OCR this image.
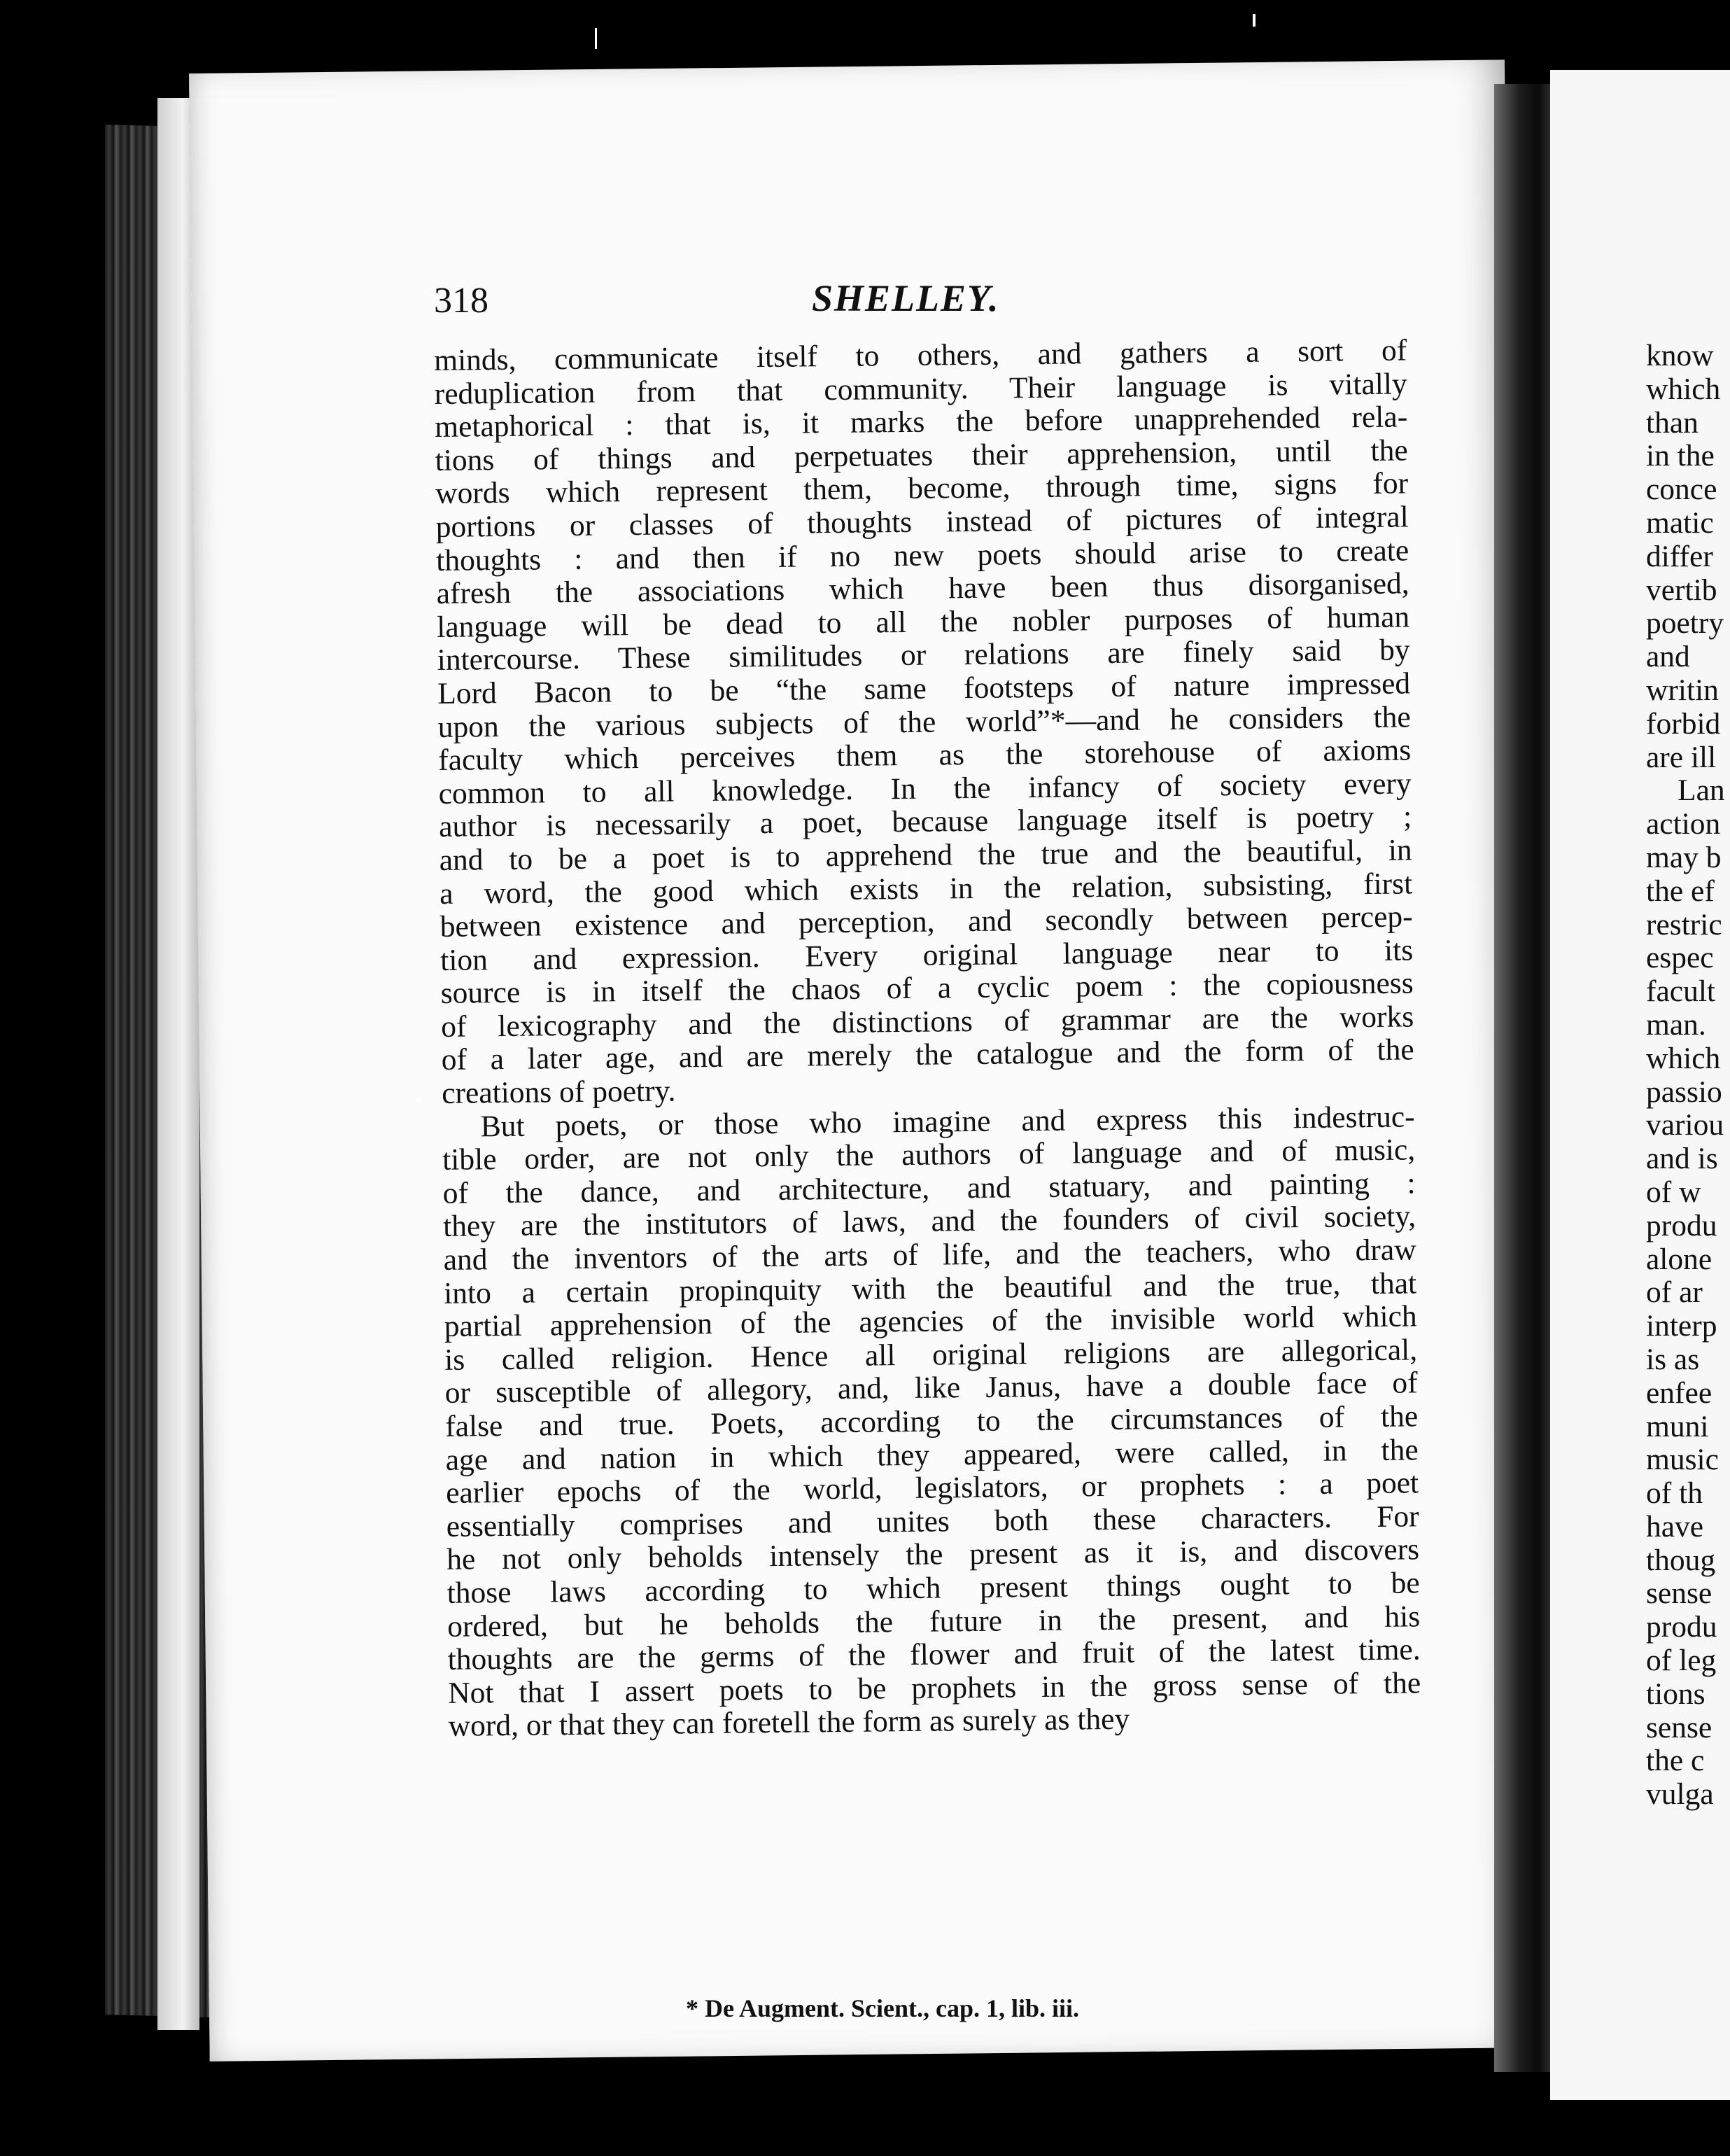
318	SHELLEY.
minds, communicate itself to others, and gathers a sort of
reduplication from that community. Their language is vitally
metaphorical : that is, it marks the before unapprehended rela-
tions of things and perpetuates their apprehension, until the
words which represent them, become, through time, signs for
portions or classes of thoughts instead of pictures of integral
thoughts : and then if no new poets should arise to create
afresh the associations which have been thus disorganised,
language will be dead to all the nobler purposes of human
intercourse. These similitudes or relations are finely said by
Lord Bacon to be “the same footsteps of nature impressed
upon the various subjects of the world”*—and he considers the
faculty which perceives them as the storehouse of axioms
common to all knowledge. In the infancy of society every
author is necessarily a poet, because language itself is poetry ;
and to be a poet is to apprehend the true and the beautiful, in
a word, the good which exists in the relation, subsisting, first
between existence and perception, and secondly between percep-
tion and expression. Every original language near to its
source is in itself the chaos of a cyclic poem : the copiousness
of lexicography and the distinctions of grammar are the works
of a later age, and are merely the catalogue and the form of the
creations of poetry.
But poets, or those who imagine and express this indestruc-
tible order, are not only the authors of language and of music,
of the dance, and architecture, and statuary, and painting :
they are the institutors of laws, and the founders of civil society,
and the inventors of the arts of life, and the teachers, who draw
into a certain propinquity with the beautiful and the true, that
partial apprehension of the agencies of the invisible world which
is called religion. Hence all original religions are allegorical,
or susceptible of allegory, and, like Janus, have a double face of
false and true. Poets, according to the circumstances of the
age and nation in which they appeared, were called, in the
earlier epochs of the world, legislators, or prophets : a poet
essentially comprises and unites both these characters. For
he not only beholds intensely the present as it is, and discovers
those laws according to which present things ought to be
ordered, but he beholds the future in the present, and his
thoughts are the germs of the flower and fruit of the latest time.
Not that I assert poets to be prophets in the gross sense of the
word, or that they can foretell the form as surely as they
* De Augment. Scient., cap. 1, lib. iii.
know
which
than
in the
conce
matic
differ
vertib
poetry
and
writin
forbid
are ill
Lan
action
may b
the ef
restric
espec
facult
man.
which
passio
variou
and is
of w
produ
alone
of ar
interp
is as
enfee
muni
music
of th
have
thoug
sense
produ
of leg
tions
sense
the c
vulga
